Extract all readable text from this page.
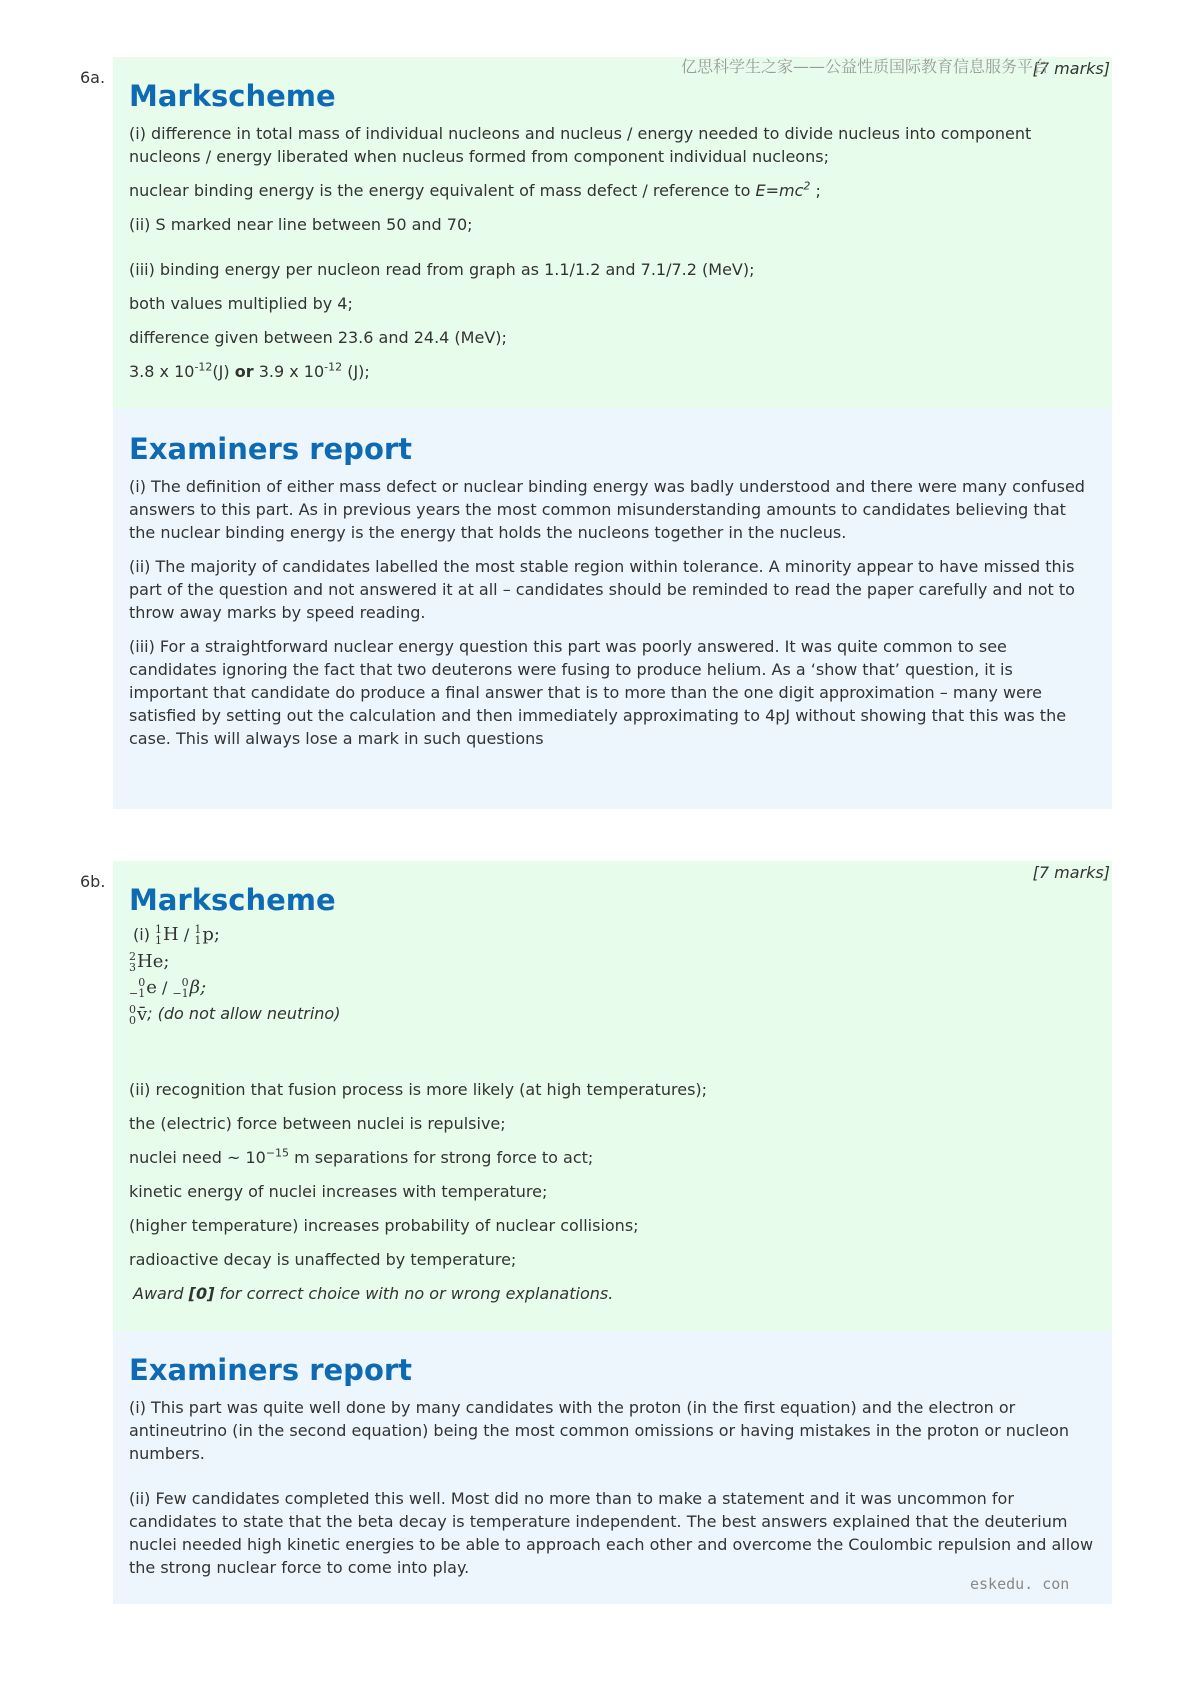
6a.	[7 marks]
Markscheme

(i) difference in total mass of individual nucleons and nucleus / energy needed to divide nucleus into component nucleons / energy liberated when nucleus formed from component individual nucleons;

nuclear binding energy is the energy equivalent of mass defect / reference to $E=mc^2$ ;

(ii) S marked near line between 50 and 70;

(iii) binding energy per nucleon read from graph as 1.1/1.2 and 7.1/7.2 (MeV);

both values multiplied by 4;

difference given between 23.6 and 24.4 (MeV);

3.8 x $10^{-12}(J)$ or 3.9 x $10^{-12}$ (J);

亿思科学生之家——公益性质国际教育信息服务平台
Examiners report

(i) The definition of either mass defect or nuclear binding energy was badly understood and there were many confused answers to this part. As in previous years the most common misunderstanding amounts to candidates believing that the nuclear binding energy is the energy that holds the nucleons together in the nucleus.

(ii) The majority of candidates labelled the most stable region within tolerance. A minority appear to have missed this part of the question and not answered it at all – candidates should be reminded to read the paper carefully and not to throw away marks by speed reading.

(iii) For a straightforward nuclear energy question this part was poorly answered. It was quite common to see candidates ignoring the fact that two deuterons were fusing to produce helium. As a ‘show that’ question, it is important that candidate do produce a final answer that is to more than the one digit approximation – many were satisfied by setting out the calculation and then immediately approximating to 4pJ without showing that this was the case. This will always lose a mark in such questions

6b.	[7 marks]
Markscheme
(i) 1
1 H / 1
1 p;
2
3 He;
0
−1 e /	0
−1 β;
0
0 v̄ ; (do not allow neutrino)

(ii) recognition that fusion process is more likely (at high temperatures);

the (electric) force between nuclei is repulsive;

nuclei need ~ $10^{-15}$ m separations for strong force to act;

kinetic energy of nuclei increases with temperature;

(higher temperature) increases probability of nuclear collisions;

radioactive decay is unaffected by temperature;

Award [0] for correct choice with no or wrong explanations.

Examiners report

(i) This part was quite well done by many candidates with the proton (in the first equation) and the electron or antineutrino (in the second equation) being the most common omissions or having mistakes in the proton or nucleon numbers.

(ii) Few candidates completed this well. Most did no more than to make a statement and it was uncommon for candidates to state that the beta decay is temperature independent. The best answers explained that the deuterium nuclei needed high kinetic energies to be able to approach each other and overcome the Coulombic repulsion and allow the strong nuclear force to come into play.

eskedu. con
